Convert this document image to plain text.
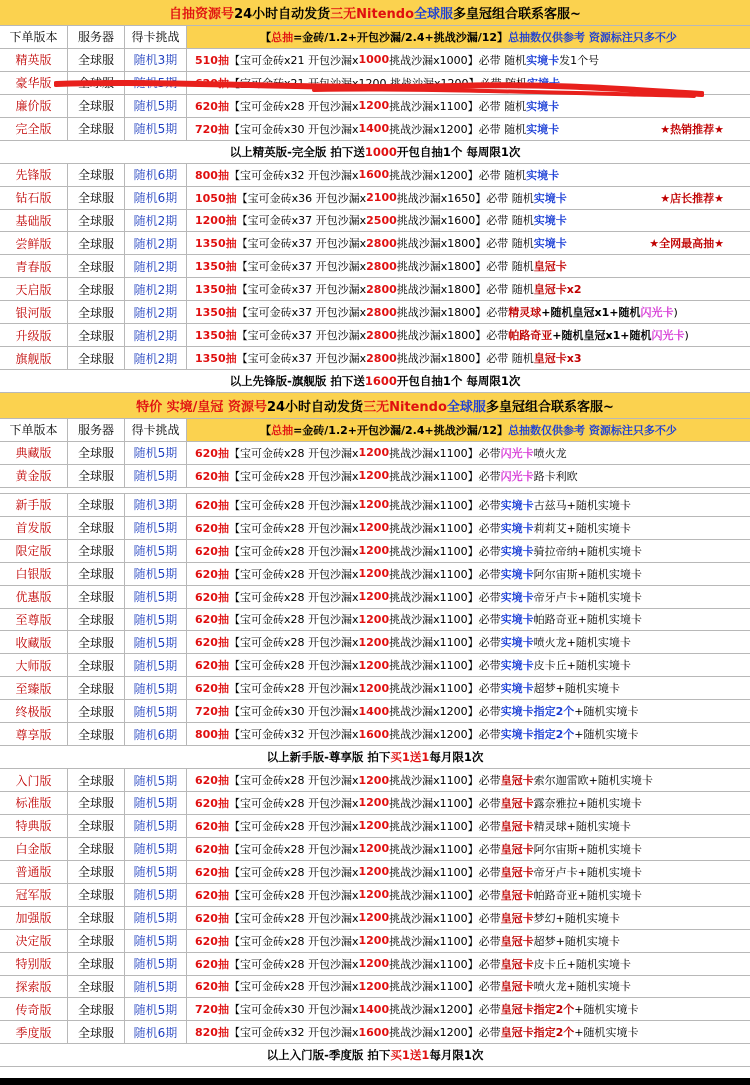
自抽资源号 24小时自动发货 三无Nitendo 全球服 多皇冠组合联系客服~
下单版本	服务器	得卡挑战	【 总抽 =金砖/1.2+开包沙漏/2.4+挑战沙漏/12】 总抽数仅供参考 资源标注只多不少
精英版	全球服	随机3期	510抽 【宝可金砖x21 开包沙漏x 1000 挑战沙漏x1000】必带 随机 实境卡 发1个号
豪华版	全球服	随机5期	620抽 【宝可金砖x21 开包沙漏x1200 挑战沙漏x1200】必带 随机 实境卡
廉价版	全球服	随机5期	620抽 【宝可金砖x28 开包沙漏x 1200 挑战沙漏x1100】必带 随机 实境卡
完全版	全球服	随机5期	720抽 【宝可金砖x30 开包沙漏x 1400 挑战沙漏x1200】必带 随机 实境卡	★热销推荐★
以上精英版-完全版 拍下送 1000 开包自抽1个 每周限1次
先锋版	全球服	随机6期	800抽 【宝可金砖x32 开包沙漏x 1600 挑战沙漏x1200】必带 随机 实境卡
钻石版	全球服	随机6期	1050抽 【宝可金砖x36 开包沙漏x 2100 挑战沙漏x1650】必带 随机 实境卡	★店长推荐★
基础版	全球服	随机2期	1200抽 【宝可金砖x37 开包沙漏x 2500 挑战沙漏x1600】必带 随机 实境卡
尝鲜版	全球服	随机2期	1350抽 【宝可金砖x37 开包沙漏x 2800 挑战沙漏x1800】必带 随机 实境卡	★全网最高抽★
青春版	全球服	随机2期	1350抽 【宝可金砖x37 开包沙漏x 2800 挑战沙漏x1800】必带 随机 皇冠卡
天启版	全球服	随机2期	1350抽 【宝可金砖x37 开包沙漏x 2800 挑战沙漏x1800】必带 随机 皇冠卡x2
银河版	全球服	随机2期	1350抽 【宝可金砖x37 开包沙漏x 2800 挑战沙漏x1800】必带 精灵球 +随机皇冠x1+随机 闪光卡 )
升级版	全球服	随机2期	1350抽 【宝可金砖x37 开包沙漏x 2800 挑战沙漏x1800】必带 帕路奇亚 +随机皇冠x1+随机 闪光卡 )
旗舰版	全球服	随机2期	1350抽 【宝可金砖x37 开包沙漏x 2800 挑战沙漏x1800】必带 随机 皇冠卡x3
以上先锋版-旗舰版 拍下送 1600 开包自抽1个 每周限1次
特价 实境/皇冠 资源号 24小时自动发货 三无Nitendo 全球服 多皇冠组合联系客服~
下单版本	服务器	得卡挑战	【 总抽 =金砖/1.2+开包沙漏/2.4+挑战沙漏/12】 总抽数仅供参考 资源标注只多不少
典藏版	全球服	随机5期	620抽 【宝可金砖x28 开包沙漏x 1200 挑战沙漏x1100】必带 闪光卡 喷火龙
黄金版	全球服	随机5期	620抽 【宝可金砖x28 开包沙漏x 1200 挑战沙漏x1100】必带 闪光卡 路卡利欧
新手版	全球服	随机3期	620抽 【宝可金砖x28 开包沙漏x 1200 挑战沙漏x1100】必带 实境卡 古兹马+随机实境卡
首发版	全球服	随机5期	620抽 【宝可金砖x28 开包沙漏x 1200 挑战沙漏x1100】必带 实境卡 莉莉艾+随机实境卡
限定版	全球服	随机5期	620抽 【宝可金砖x28 开包沙漏x 1200 挑战沙漏x1100】必带 实境卡 骑拉帝纳+随机实境卡
白银版	全球服	随机5期	620抽 【宝可金砖x28 开包沙漏x 1200 挑战沙漏x1100】必带 实境卡 阿尔宙斯+随机实境卡
优惠版	全球服	随机5期	620抽 【宝可金砖x28 开包沙漏x 1200 挑战沙漏x1100】必带 实境卡 帝牙卢卡+随机实境卡
至尊版	全球服	随机5期	620抽 【宝可金砖x28 开包沙漏x 1200 挑战沙漏x1100】必带 实境卡 帕路奇亚+随机实境卡
收藏版	全球服	随机5期	620抽 【宝可金砖x28 开包沙漏x 1200 挑战沙漏x1100】必带 实境卡 喷火龙+随机实境卡
大师版	全球服	随机5期	620抽 【宝可金砖x28 开包沙漏x 1200 挑战沙漏x1100】必带 实境卡 皮卡丘+随机实境卡
至臻版	全球服	随机5期	620抽 【宝可金砖x28 开包沙漏x 1200 挑战沙漏x1100】必带 实境卡 超梦+随机实境卡
终极版	全球服	随机5期	720抽 【宝可金砖x30 开包沙漏x 1400 挑战沙漏x1200】必带 实境卡 指定2个 +随机实境卡
尊享版	全球服	随机6期	800抽 【宝可金砖x32 开包沙漏x 1600 挑战沙漏x1200】必带 实境卡 指定2个 +随机实境卡
以上新手版-尊享版 拍下 买1送1 每月限1次
入门版	全球服	随机5期	620抽 【宝可金砖x28 开包沙漏x 1200 挑战沙漏x1100】必带 皇冠卡 索尔迦雷欧+随机实境卡
标准版	全球服	随机5期	620抽 【宝可金砖x28 开包沙漏x 1200 挑战沙漏x1100】必带 皇冠卡 露奈雅拉+随机实境卡
特典版	全球服	随机5期	620抽 【宝可金砖x28 开包沙漏x 1200 挑战沙漏x1100】必带 皇冠卡 精灵球+随机实境卡
白金版	全球服	随机5期	620抽 【宝可金砖x28 开包沙漏x 1200 挑战沙漏x1100】必带 皇冠卡 阿尔宙斯+随机实境卡
普通版	全球服	随机5期	620抽 【宝可金砖x28 开包沙漏x 1200 挑战沙漏x1100】必带 皇冠卡 帝牙卢卡+随机实境卡
冠军版	全球服	随机5期	620抽 【宝可金砖x28 开包沙漏x 1200 挑战沙漏x1100】必带 皇冠卡 帕路奇亚+随机实境卡
加强版	全球服	随机5期	620抽 【宝可金砖x28 开包沙漏x 1200 挑战沙漏x1100】必带 皇冠卡 梦幻+随机实境卡
决定版	全球服	随机5期	620抽 【宝可金砖x28 开包沙漏x 1200 挑战沙漏x1100】必带 皇冠卡 超梦+随机实境卡
特别版	全球服	随机5期	620抽 【宝可金砖x28 开包沙漏x 1200 挑战沙漏x1100】必带 皇冠卡 皮卡丘+随机实境卡
探索版	全球服	随机5期	620抽 【宝可金砖x28 开包沙漏x 1200 挑战沙漏x1100】必带 皇冠卡 喷火龙+随机实境卡
传奇版	全球服	随机5期	720抽 【宝可金砖x30 开包沙漏x 1400 挑战沙漏x1200】必带 皇冠卡 指定2个 +随机实境卡
季度版	全球服	随机6期	820抽 【宝可金砖x32 开包沙漏x 1600 挑战沙漏x1200】必带 皇冠卡 指定2个 +随机实境卡
以上入门版-季度版 拍下 买1送1 每月限1次
